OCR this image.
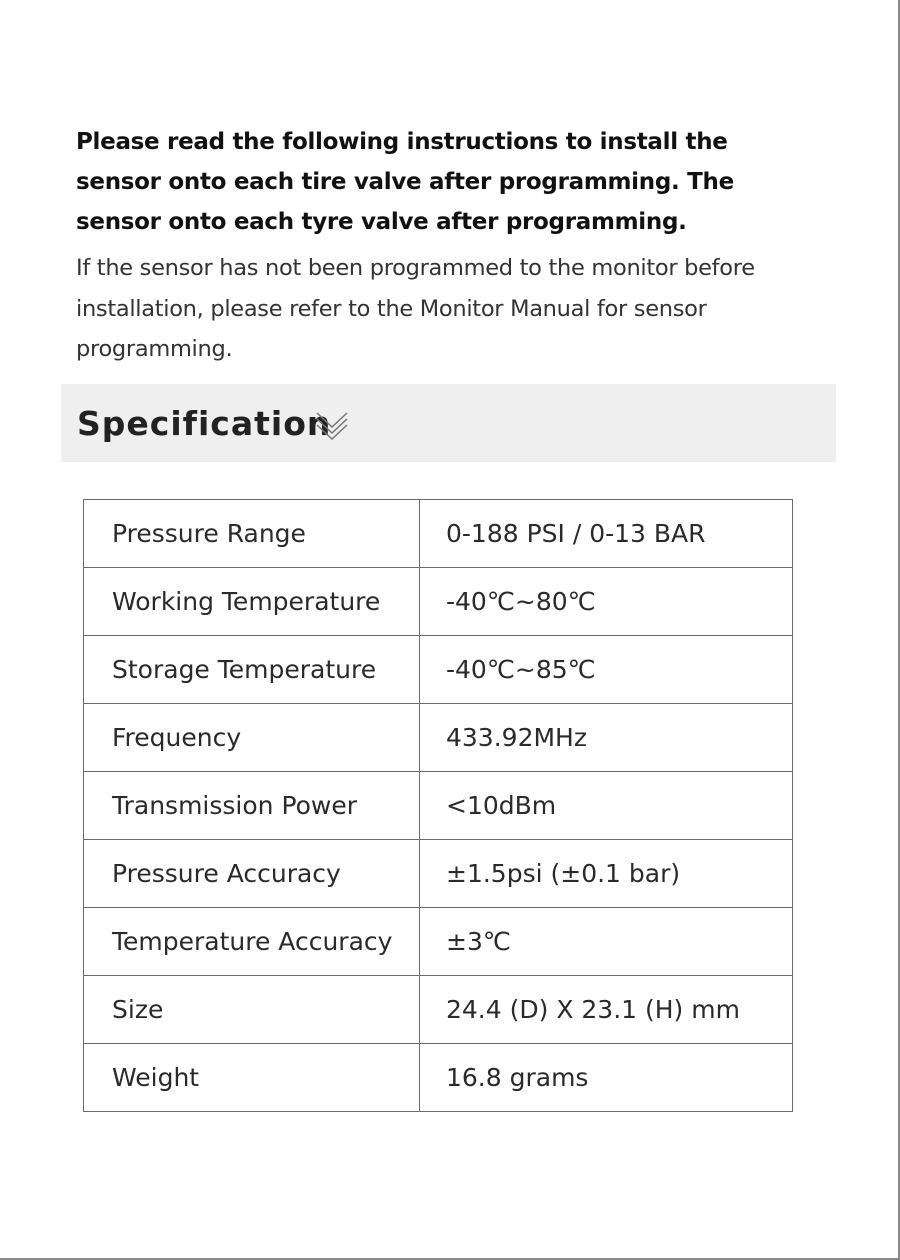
Please read the following instructions to install the sensor onto each tire valve after programming. The sensor onto each tyre valve after programming.

If the sensor has not been programmed to the monitor before installation, please refer to the Monitor Manual for sensor programming.

Specification
Pressure Range	0-188 PSI / 0-13 BAR
Working Temperature	-40℃~80℃
Storage Temperature	-40℃~85℃
Frequency	433.92MHz
Transmission Power	<10dBm
Pressure Accuracy	±1.5psi (±0.1 bar)
Temperature Accuracy	±3℃
Size	24.4 (D) X 23.1 (H) mm
Weight	16.8 grams
